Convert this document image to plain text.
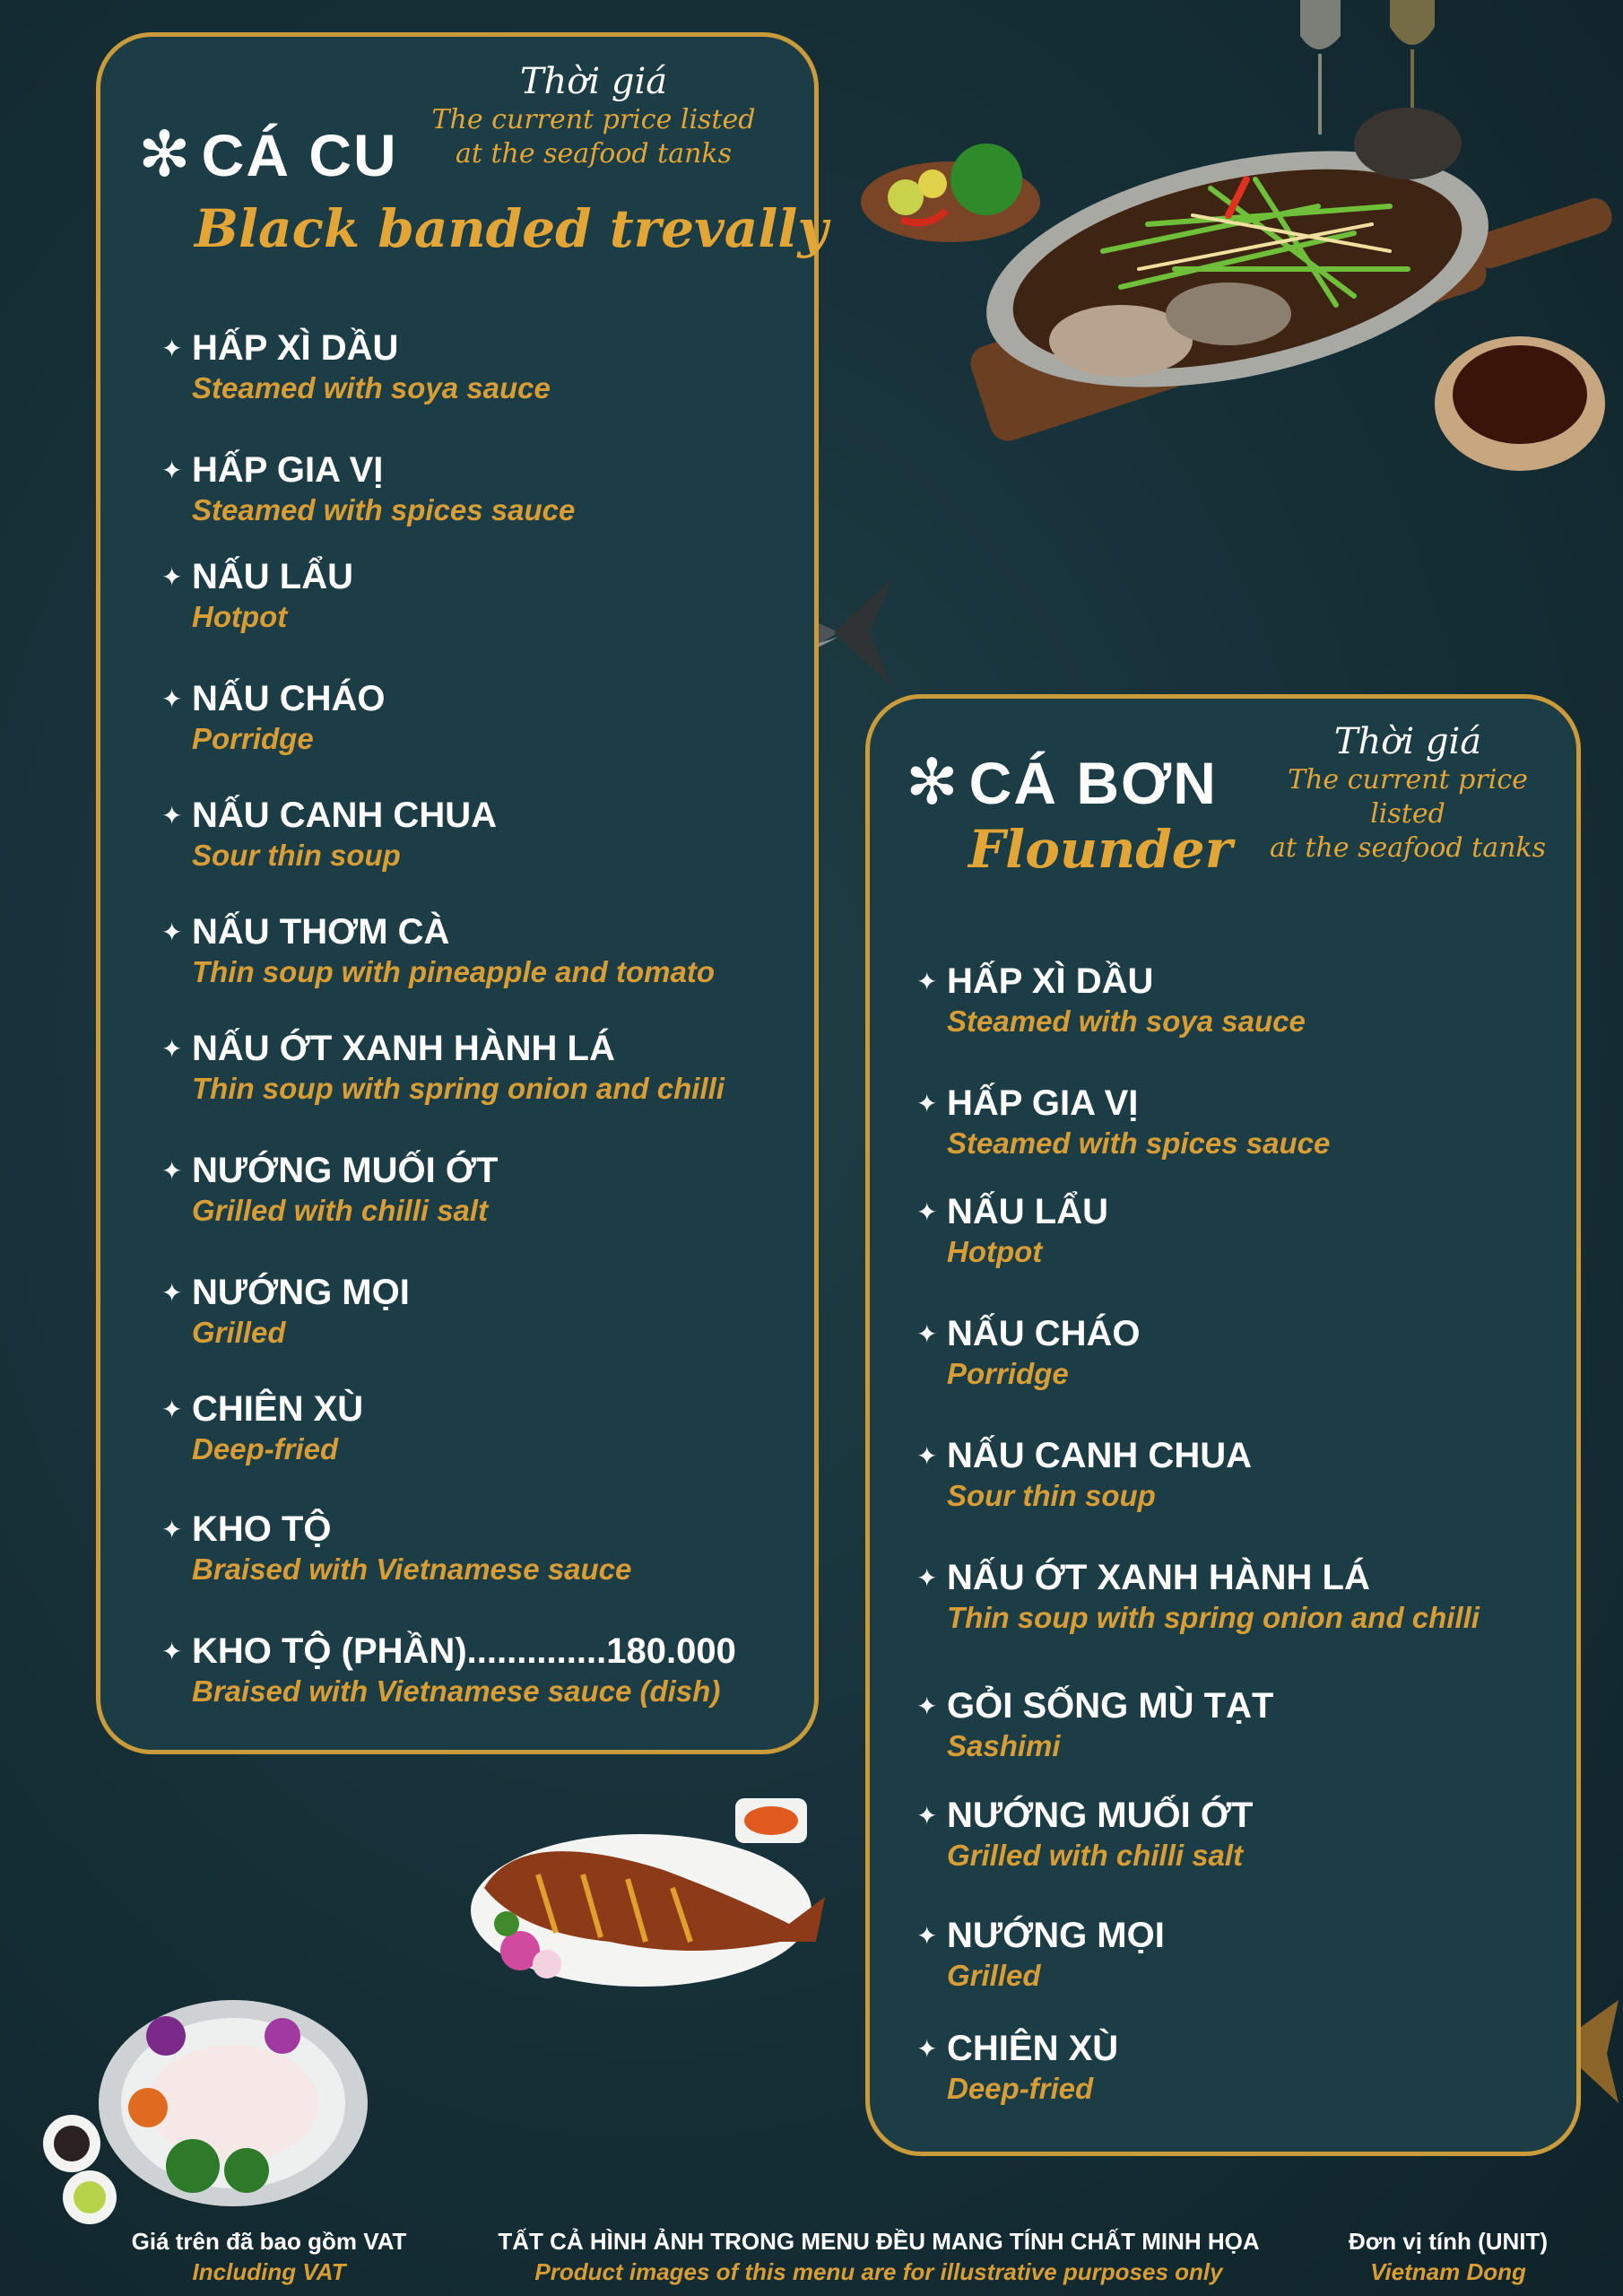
✻ CÁ CU
Black banded trevally
Thời giá
The current price listed
at the seafood tanks
✦ HẤP XÌ DẦU
Steamed with soya sauce
✦ HẤP GIA VỊ
Steamed with spices sauce
✦ NẤU LẨU
Hotpot
✦ NẤU CHÁO
Porridge
✦ NẤU CANH CHUA
Sour thin soup
✦ NẤU THƠM CÀ
Thin soup with pineapple and tomato
✦ NẤU ỚT XANH HÀNH LÁ
Thin soup with spring onion and chilli
✦ NƯỚNG MUỐI ỚT
Grilled with chilli salt
✦ NƯỚNG MỌI
Grilled
✦ CHIÊN XÙ
Deep-fried
✦ KHO TỘ
Braised with Vietnamese sauce
✦ KHO TỘ (PHẦN)..............180.000
Braised with Vietnamese sauce (dish)
✻ CÁ BƠN
Flounder
Thời giá
The current price listed
at the seafood tanks
✦ HẤP XÌ DẦU
Steamed with soya sauce
✦ HẤP GIA VỊ
Steamed with spices sauce
✦ NẤU LẨU
Hotpot
✦ NẤU CHÁO
Porridge
✦ NẤU CANH CHUA
Sour thin soup
✦ NẤU ỚT XANH HÀNH LÁ
Thin soup with spring onion and chilli
✦ GỎI SỐNG MÙ TẠT
Sashimi
✦ NƯỚNG MUỐI ỚT
Grilled with chilli salt
✦ NƯỚNG MỌI
Grilled
✦ CHIÊN XÙ
Deep-fried
Giá trên đã bao gồm VAT
Including VAT
TẤT CẢ HÌNH ẢNH TRONG MENU ĐỀU MANG TÍNH CHẤT MINH HỌA
Product images of this menu are for illustrative purposes only
Đơn vị tính (UNIT)
Vietnam Dong
